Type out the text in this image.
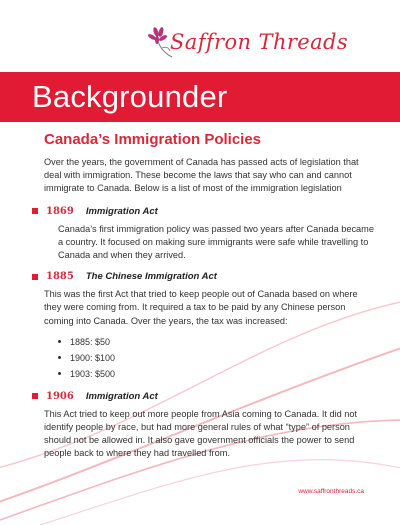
Saffron Threads
Backgrounder
Canada’s Immigration Policies

Over the years, the government of Canada has passed acts of legislation that deal with immigration. These become the laws that say who can and cannot immigrate to Canada. Below is a list of most of the immigration legislation

1869 Immigration Act

Canada’s first immigration policy was passed two years after Canada became a country. It focused on making sure immigrants were safe while travelling to Canada and when they arrived.

1885 The Chinese Immigration Act

This was the first Act that tried to keep people out of Canada based on where they were coming from. It required a tax to be paid by any Chinese person coming into Canada. Over the years, the tax was increased:

1885: $50
1900: $100
1903: $500
1906 Immigration Act

This Act tried to keep out more people from Asia coming to Canada. It did not identify people by race, but had more general rules of what “type” of person should not be allowed in. It also gave government officials the power to send people back to where they had travelled from.

www.saffronthreads.ca
